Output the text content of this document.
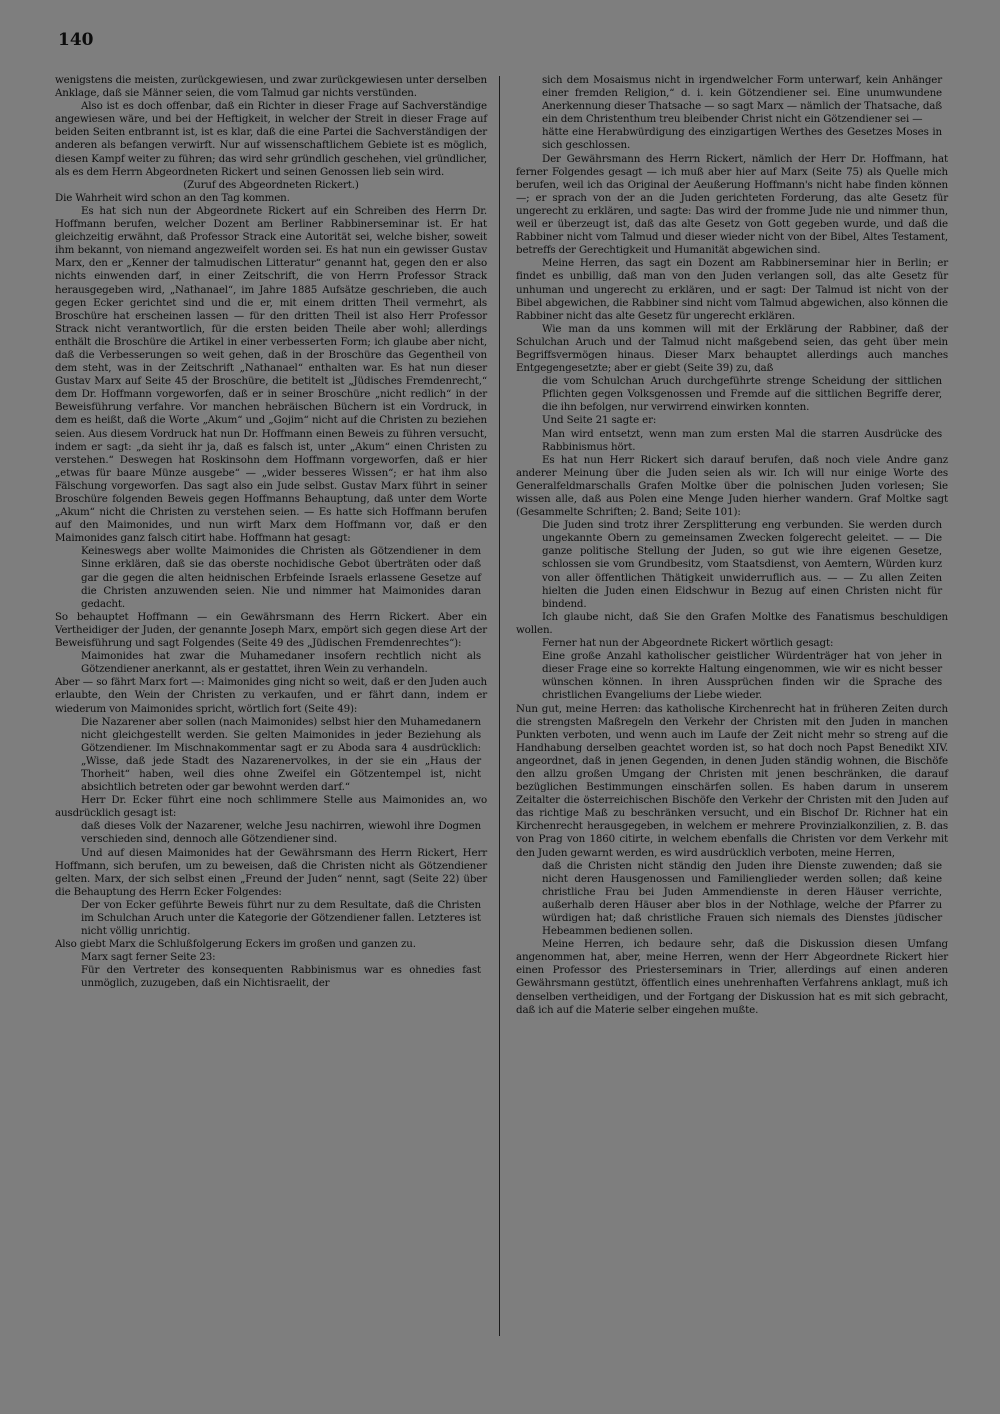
140

wenigstens die meisten, zurückgewiesen, und zwar zurückgewiesen unter derselben Anklage, daß sie Männer seien, die vom Talmud gar nichts verstünden.

Also ist es doch offenbar, daß ein Richter in dieser Frage auf Sachverständige angewiesen wäre, und bei der Heftigkeit, in welcher der Streit in dieser Frage auf beiden Seiten entbrannt ist, ist es klar, daß die eine Partei die Sachverständigen der anderen als befangen verwirft. Nur auf wissenschaftlichem Gebiete ist es möglich, diesen Kampf weiter zu führen; das wird sehr gründlich geschehen, viel gründlicher, als es dem Herrn Abgeordneten Rickert und seinen Genossen lieb sein wird.

(Zuruf des Abgeordneten Rickert.)

Die Wahrheit wird schon an den Tag kommen.

Es hat sich nun der Abgeordnete Rickert auf ein Schreiben des Herrn Dr. Hoffmann berufen, welcher Dozent am Berliner Rabbinerseminar ist. Er hat gleichzeitig erwähnt, daß Professor Strack eine Autorität sei, welche bisher, soweit ihm bekannt, von niemand angezweifelt worden sei. Es hat nun ein gewisser Gustav Marx, den er „Kenner der talmudischen Litteratur“ genannt hat, gegen den er also nichts einwenden darf, in einer Zeitschrift, die von Herrn Professor Strack herausgegeben wird, „Nathanael“, im Jahre 1885 Aufsätze geschrieben, die auch gegen Ecker gerichtet sind und die er, mit einem dritten Theil vermehrt, als Broschüre hat erscheinen lassen — für den dritten Theil ist also Herr Professor Strack nicht verantwortlich, für die ersten beiden Theile aber wohl; allerdings enthält die Broschüre die Artikel in einer verbesserten Form; ich glaube aber nicht, daß die Verbesserungen so weit gehen, daß in der Broschüre das Gegentheil von dem steht, was in der Zeitschrift „Nathanael“ enthalten war. Es hat nun dieser Gustav Marx auf Seite 45 der Broschüre, die betitelt ist „Jüdisches Fremdenrecht,“ dem Dr. Hoffmann vorgeworfen, daß er in seiner Broschüre „nicht redlich“ in der Beweisführung verfahre. Vor manchen hebräischen Büchern ist ein Vordruck, in dem es heißt, daß die Worte „Akum“ und „Gojim“ nicht auf die Christen zu beziehen seien. Aus diesem Vordruck hat nun Dr. Hoffmann einen Beweis zu führen versucht, indem er sagt: „da sieht ihr ja, daß es falsch ist, unter „Akum“ einen Christen zu verstehen.“ Deswegen hat Roskinsohn dem Hoffmann vorgeworfen, daß er hier „etwas für baare Münze ausgebe“ — „wider besseres Wissen“; er hat ihm also Fälschung vorgeworfen. Das sagt also ein Jude selbst. Gustav Marx führt in seiner Broschüre folgenden Beweis gegen Hoffmanns Behauptung, daß unter dem Worte „Akum“ nicht die Christen zu verstehen seien. — Es hatte sich Hoffmann berufen auf den Maimonides, und nun wirft Marx dem Hoffmann vor, daß er den Maimonides ganz falsch citirt habe. Hoffmann hat gesagt:

Keineswegs aber wollte Maimonides die Christen als Götzendiener in dem Sinne erklären, daß sie das oberste nochidische Gebot überträten oder daß gar die gegen die alten heidnischen Erbfeinde Israels erlassene Gesetze auf die Christen anzuwenden seien. Nie und nimmer hat Maimonides daran gedacht.

So behauptet Hoffmann — ein Gewährsmann des Herrn Rickert. Aber ein Vertheidiger der Juden, der genannte Joseph Marx, empört sich gegen diese Art der Beweisführung und sagt Folgendes (Seite 49 des „Jüdischen Fremdenrechtes“):

Maimonides hat zwar die Muhamedaner insofern rechtlich nicht als Götzendiener anerkannt, als er gestattet, ihren Wein zu verhandeln.

Aber — so fährt Marx fort —: Maimonides ging nicht so weit, daß er den Juden auch erlaubte, den Wein der Christen zu verkaufen, und er fährt dann, indem er wiederum von Maimonides spricht, wörtlich fort (Seite 49):

Die Nazarener aber sollen (nach Maimonides) selbst hier den Muhamedanern nicht gleichgestellt werden. Sie gelten Maimonides in jeder Beziehung als Götzendiener. Im Mischnakommentar sagt er zu Aboda sara 4 ausdrücklich: „Wisse, daß jede Stadt des Nazarenervolkes, in der sie ein „Haus der Thorheit“ haben, weil dies ohne Zweifel ein Götzentempel ist, nicht absichtlich betreten oder gar bewohnt werden darf.“

Herr Dr. Ecker führt eine noch schlimmere Stelle aus Maimonides an, wo ausdrücklich gesagt ist:

daß dieses Volk der Nazarener, welche Jesu nachirren, wiewohl ihre Dogmen verschieden sind, dennoch alle Götzendiener sind.

Und auf diesen Maimonides hat der Gewährsmann des Herrn Rickert, Herr Hoffmann, sich berufen, um zu beweisen, daß die Christen nicht als Götzendiener gelten. Marx, der sich selbst einen „Freund der Juden“ nennt, sagt (Seite 22) über die Behauptung des Herrn Ecker Folgendes:

Der von Ecker geführte Beweis führt nur zu dem Resultate, daß die Christen im Schulchan Aruch unter die Kategorie der Götzendiener fallen. Letzteres ist nicht völlig unrichtig.

Also giebt Marx die Schlußfolgerung Eckers im großen und ganzen zu.

Marx sagt ferner Seite 23:

Für den Vertreter des konsequenten Rabbinismus war es ohnedies fast unmöglich, zuzugeben, daß ein Nichtisraelit, der

sich dem Mosaismus nicht in irgendwelcher Form unterwarf, kein Anhänger einer fremden Religion,“ d. i. kein Götzendiener sei. Eine unumwundene Anerkennung dieser Thatsache — so sagt Marx — nämlich der Thatsache, daß ein dem Christenthum treu bleibender Christ nicht ein Götzendiener sei —

hätte eine Herabwürdigung des einzigartigen Werthes des Gesetzes Moses in sich geschlossen.

Der Gewährsmann des Herrn Rickert, nämlich der Herr Dr. Hoffmann, hat ferner Folgendes gesagt — ich muß aber hier auf Marx (Seite 75) als Quelle mich berufen, weil ich das Original der Aeußerung Hoffmann's nicht habe finden können —; er sprach von der an die Juden gerichteten Forderung, das alte Gesetz für ungerecht zu erklären, und sagte: Das wird der fromme Jude nie und nimmer thun, weil er überzeugt ist, daß das alte Gesetz von Gott gegeben wurde, und daß die Rabbiner nicht vom Talmud und dieser wieder nicht von der Bibel, Altes Testament, betreffs der Gerechtigkeit und Humanität abgewichen sind.

Meine Herren, das sagt ein Dozent am Rabbinerseminar hier in Berlin; er findet es unbillig, daß man von den Juden verlangen soll, das alte Gesetz für unhuman und ungerecht zu erklären, und er sagt: Der Talmud ist nicht von der Bibel abgewichen, die Rabbiner sind nicht vom Talmud abgewichen, also können die Rabbiner nicht das alte Gesetz für ungerecht erklären.

Wie man da uns kommen will mit der Erklärung der Rabbiner, daß der Schulchan Aruch und der Talmud nicht maßgebend seien, das geht über mein Begriffsvermögen hinaus. Dieser Marx behauptet allerdings auch manches Entgegengesetzte; aber er giebt (Seite 39) zu, daß

die vom Schulchan Aruch durchgeführte strenge Scheidung der sittlichen Pflichten gegen Volksgenossen und Fremde auf die sittlichen Begriffe derer, die ihn befolgen, nur verwirrend einwirken konnten.

Und Seite 21 sagte er:

Man wird entsetzt, wenn man zum ersten Mal die starren Ausdrücke des Rabbinismus hört.

Es hat nun Herr Rickert sich darauf berufen, daß noch viele Andre ganz anderer Meinung über die Juden seien als wir. Ich will nur einige Worte des Generalfeldmarschalls Grafen Moltke über die polnischen Juden vorlesen; Sie wissen alle, daß aus Polen eine Menge Juden hierher wandern. Graf Moltke sagt (Gesammelte Schriften; 2. Band; Seite 101):

Die Juden sind trotz ihrer Zersplitterung eng verbunden. Sie werden durch ungekannte Obern zu gemeinsamen Zwecken folgerecht geleitet. — — Die ganze politische Stellung der Juden, so gut wie ihre eigenen Gesetze, schlossen sie vom Grundbesitz, vom Staatsdienst, von Aemtern, Würden kurz von aller öffentlichen Thätigkeit unwiderruflich aus. — — Zu allen Zeiten hielten die Juden einen Eidschwur in Bezug auf einen Christen nicht für bindend.

Ich glaube nicht, daß Sie den Grafen Moltke des Fanatismus beschuldigen wollen.

Ferner hat nun der Abgeordnete Rickert wörtlich gesagt:

Eine große Anzahl katholischer geistlicher Würdenträger hat von jeher in dieser Frage eine so korrekte Haltung eingenommen, wie wir es nicht besser wünschen können. In ihren Aussprüchen finden wir die Sprache des christlichen Evangeliums der Liebe wieder.

Nun gut, meine Herren: das katholische Kirchenrecht hat in früheren Zeiten durch die strengsten Maßregeln den Verkehr der Christen mit den Juden in manchen Punkten verboten, und wenn auch im Laufe der Zeit nicht mehr so streng auf die Handhabung derselben geachtet worden ist, so hat doch noch Papst Benedikt XIV. angeordnet, daß in jenen Gegenden, in denen Juden ständig wohnen, die Bischöfe den allzu großen Umgang der Christen mit jenen beschränken, die darauf bezüglichen Bestimmungen einschärfen sollen. Es haben darum in unserem Zeitalter die österreichischen Bischöfe den Verkehr der Christen mit den Juden auf das richtige Maß zu beschränken versucht, und ein Bischof Dr. Richner hat ein Kirchenrecht herausgegeben, in welchem er mehrere Provinzialkonzilien, z. B. das von Prag von 1860 citirte, in welchem ebenfalls die Christen vor dem Verkehr mit den Juden gewarnt werden, es wird ausdrücklich verboten, meine Herren,

daß die Christen nicht ständig den Juden ihre Dienste zuwenden; daß sie nicht deren Hausgenossen und Familienglieder werden sollen; daß keine christliche Frau bei Juden Ammendienste in deren Häuser verrichte, außerhalb deren Häuser aber blos in der Nothlage, welche der Pfarrer zu würdigen hat; daß christliche Frauen sich niemals des Dienstes jüdischer Hebeammen bedienen sollen.

Meine Herren, ich bedaure sehr, daß die Diskussion diesen Umfang angenommen hat, aber, meine Herren, wenn der Herr Abgeordnete Rickert hier einen Professor des Priesterseminars in Trier, allerdings auf einen anderen Gewährsmann gestützt, öffentlich eines unehrenhaften Verfahrens anklagt, muß ich denselben vertheidigen, und der Fortgang der Diskussion hat es mit sich gebracht, daß ich auf die Materie selber eingehen mußte.
